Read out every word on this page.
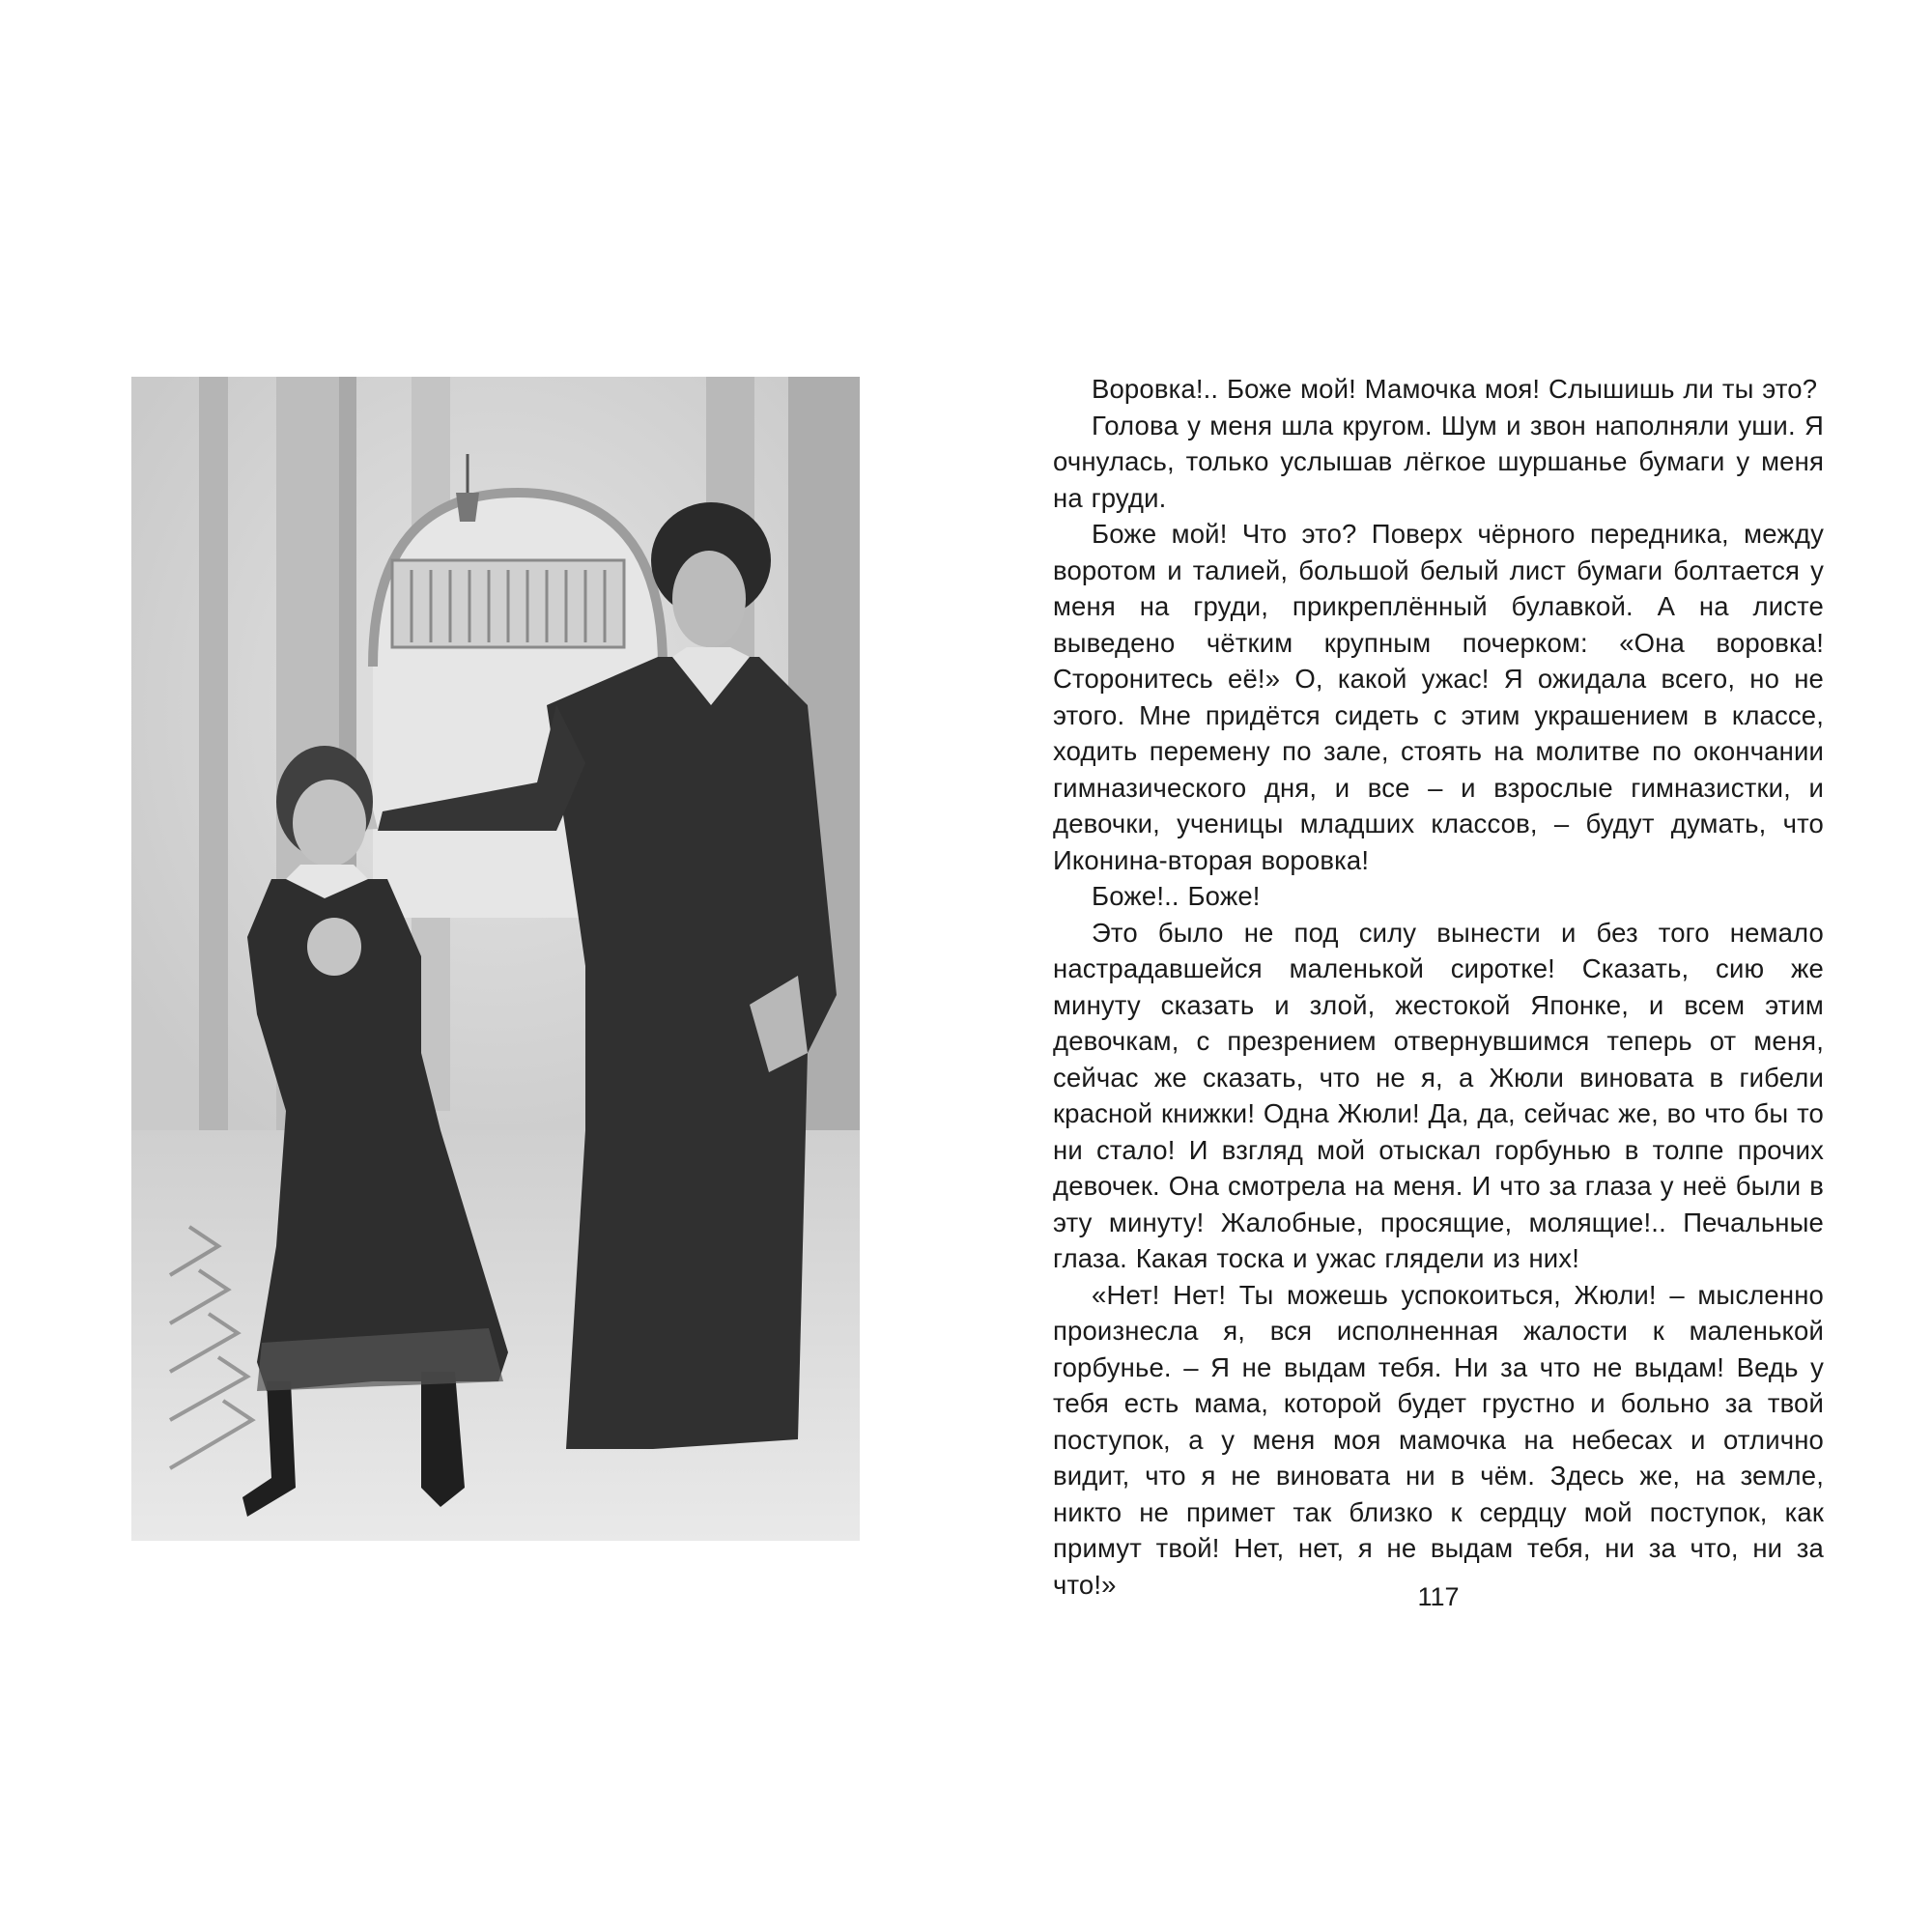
Воровка!.. Боже мой! Мамочка моя! Слышишь ли ты это?

Голова у меня шла кругом. Шум и звон наполняли уши. Я очнулась, только услышав лёгкое шуршанье бумаги у меня на груди.

Боже мой! Что это? Поверх чёрного передника, между воротом и талией, большой белый лист бумаги болтается у меня на груди, прикреплённый булавкой. А на листе выведено чётким крупным почерком: «Она воровка! Сторонитесь её!» О, какой ужас! Я ожидала всего, но не этого. Мне придётся сидеть с этим украшением в классе, ходить перемену по зале, стоять на молитве по окончании гимназического дня, и все – и взрослые гимназистки, и девочки, ученицы младших классов, – будут думать, что Иконина-вторая воровка!

Боже!.. Боже!

Это было не под силу вынести и без того немало настрадавшейся маленькой сиротке! Сказать, сию же минуту сказать и злой, жестокой Японке, и всем этим девочкам, с презрением отвернувшимся теперь от меня, сейчас же сказать, что не я, а Жюли виновата в гибели красной книжки! Одна Жюли! Да, да, сейчас же, во что бы то ни стало! И взгляд мой отыскал горбунью в толпе прочих девочек. Она смотрела на меня. И что за глаза у неё были в эту минуту! Жалобные, просящие, молящие!.. Печальные глаза. Какая тоска и ужас глядели из них!

«Нет! Нет! Ты можешь успокоиться, Жюли! – мысленно произнесла я, вся исполненная жалости к маленькой горбунье. – Я не выдам тебя. Ни за что не выдам! Ведь у тебя есть мама, которой будет грустно и больно за твой поступок, а у меня моя мамочка на небесах и отлично видит, что я не виновата ни в чём. Здесь же, на земле, никто не примет так близко к сердцу мой поступок, как примут твой! Нет, нет, я не выдам тебя, ни за что, ни за что!»	117
